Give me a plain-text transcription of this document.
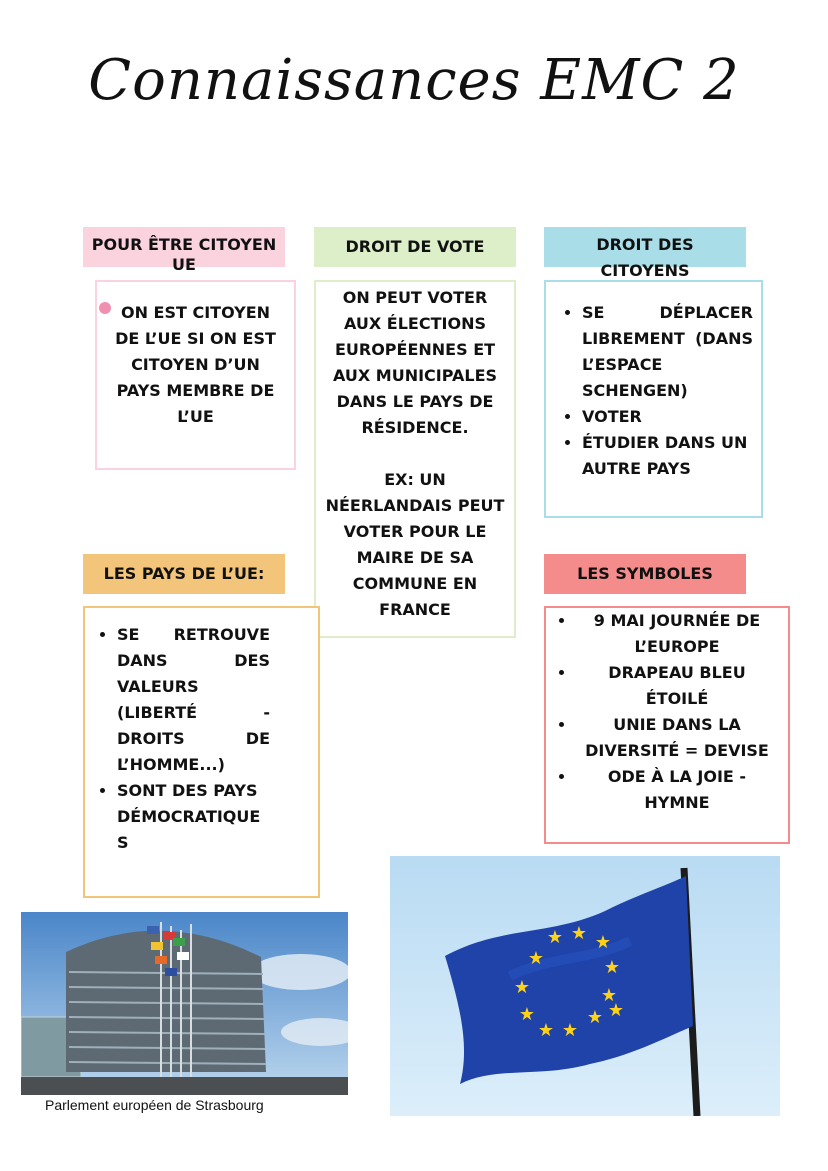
Connaissances EMC 2
POUR ÊTRE CITOYEN UE
ON EST CITOYEN DE L’UE SI ON EST CITOYEN D’UN PAYS MEMBRE DE L’UE
DROIT DE VOTE
ON PEUT VOTER AUX ÉLECTIONS EUROPÉENNES ET AUX MUNICIPALES DANS LE PAYS DE RÉSIDENCE.
EX: UN NÉERLANDAIS PEUT VOTER POUR LE MAIRE DE SA COMMUNE EN FRANCE
DROIT DES CITOYENS
• SE DÉPLACER LIBREMENT (DANS L’ESPACE SCHENGEN)
• VOTER
• ÉTUDIER DANS UN AUTRE PAYS
LES PAYS DE L’UE:
• SE RETROUVE DANS DES VALEURS (LIBERTÉ - DROITS DE L’HOMME...)
• SONT DES PAYS DÉMOCRATIQUES
LES SYMBOLES
• 9 MAI JOURNÉE DE L’EUROPE
• DRAPEAU BLEU ÉTOILÉ
• UNIE DANS LA DIVERSITÉ = DEVISE
• ODE À LA JOIE - HYMNE
Parlement européen de Strasbourg
★ ★
★
★
★
★
★
★
★
★
★
★
